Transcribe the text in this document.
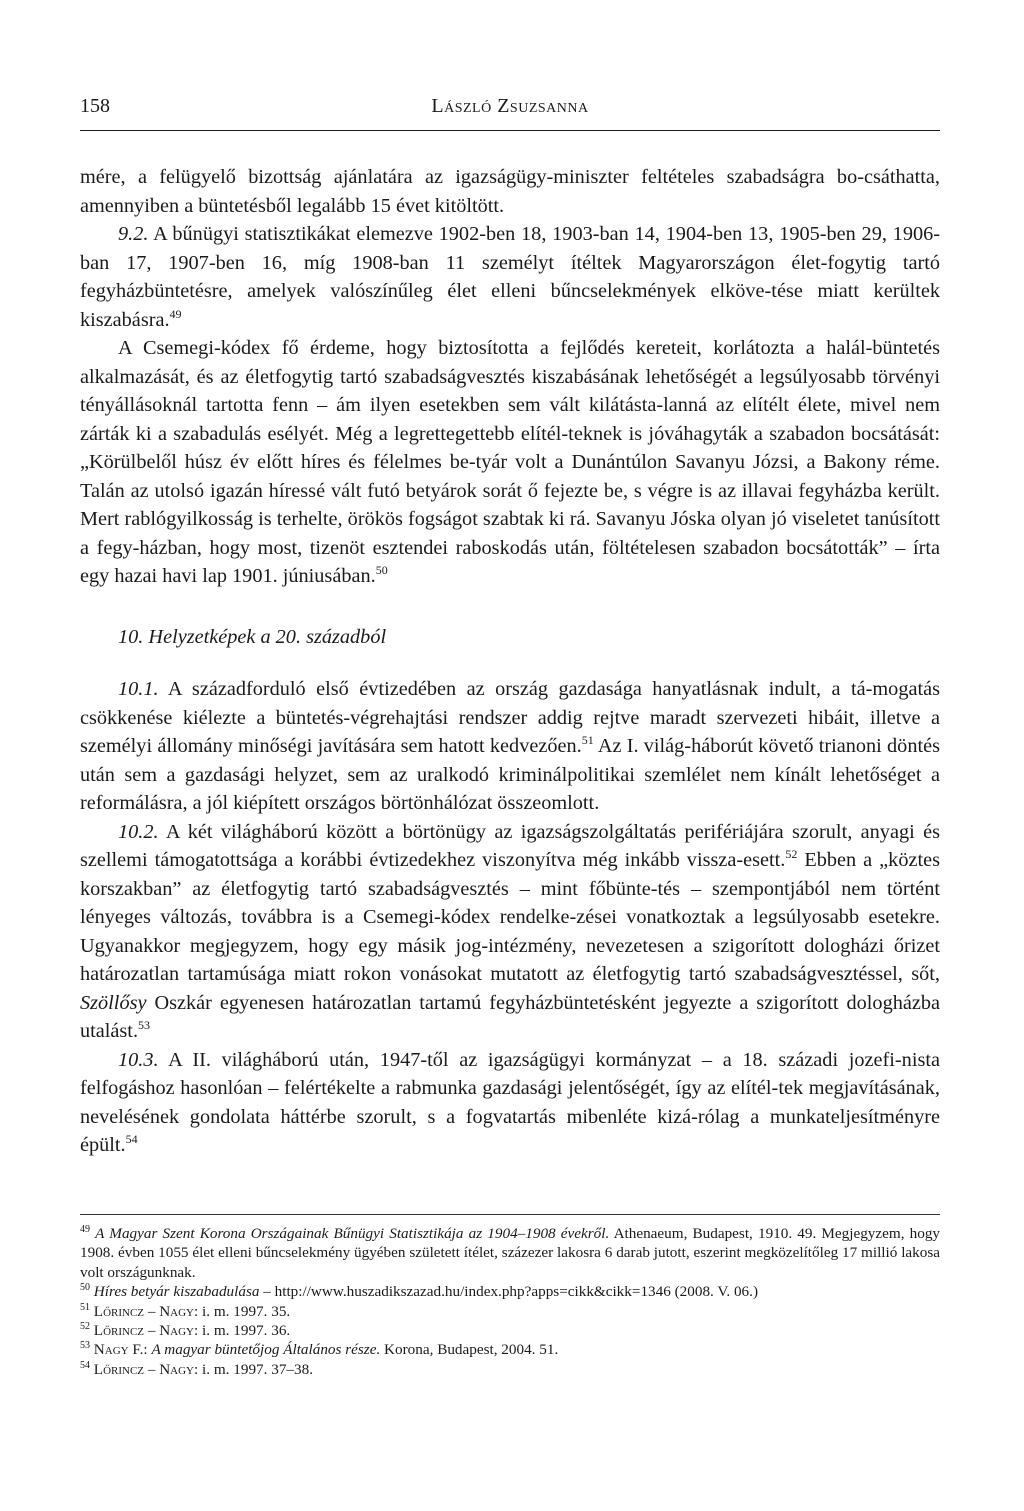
158	László Zsuzsanna

mére, a felügyelő bizottság ajánlatára az igazságügy-miniszter feltételes szabadságra bo-csáthatta, amennyiben a büntetésből legalább 15 évet kitöltött.

9.2. A bűnügyi statisztikákat elemezve 1902-ben 18, 1903-ban 14, 1904-ben 13, 1905-ben 29, 1906-ban 17, 1907-ben 16, míg 1908-ban 11 személyt ítéltek Magyarországon élet-fogytig tartó fegyházbüntetésre, amelyek valószínűleg élet elleni bűncselekmények elköve-tése miatt kerültek kiszabásra.$^{49}$

A Csemegi-kódex fő érdeme, hogy biztosította a fejlődés kereteit, korlátozta a halál-büntetés alkalmazását, és az életfogytig tartó szabadságvesztés kiszabásának lehetőségét a legsúlyosabb törvényi tényállásoknál tartotta fenn – ám ilyen esetekben sem vált kilátásta-lanná az elítélt élete, mivel nem zárták ki a szabadulás esélyét. Még a legrettegettebb elítél-teknek is jóváhagyták a szabadon bocsátását: „Körülbelől húsz év előtt híres és félelmes be-tyár volt a Dunántúlon Savanyu Józsi, a Bakony réme. Talán az utolsó igazán híressé vált futó betyárok sorát ő fejezte be, s végre is az illavai fegyházba került. Mert rablógyilkosság is terhelte, örökös fogságot szabtak ki rá. Savanyu Jóska olyan jó viseletet tanúsított a fegy-házban, hogy most, tizenöt esztendei raboskodás után, föltételesen szabadon bocsátották” – írta egy hazai havi lap 1901. júniusában.$^{50}$

10. Helyzetképek a 20. századból

10.1. A századforduló első évtizedében az ország gazdasága hanyatlásnak indult, a tá-mogatás csökkenése kiélezte a büntetés-végrehajtási rendszer addig rejtve maradt szervezeti hibáit, illetve a személyi állomány minőségi javítására sem hatott kedvezően.$^{51}$ Az I. világ-háborút követő trianoni döntés után sem a gazdasági helyzet, sem az uralkodó kriminálpolitikai szemlélet nem kínált lehetőséget a reformálásra, a jól kiépített országos börtönhálózat összeomlott.

10.2. A két világháború között a börtönügy az igazságszolgáltatás perifériájára szorult, anyagi és szellemi támogatottsága a korábbi évtizedekhez viszonyítva még inkább vissza-esett.$^{52}$ Ebben a „köztes korszakban” az életfogytig tartó szabadságvesztés – mint főbünte-tés – szempontjából nem történt lényeges változás, továbbra is a Csemegi-kódex rendelke-zései vonatkoztak a legsúlyosabb esetekre. Ugyanakkor megjegyzem, hogy egy másik jog-intézmény, nevezetesen a szigorított dologházi őrizet határozatlan tartamúsága miatt rokon vonásokat mutatott az életfogytig tartó szabadságvesztéssel, sőt, Szöllősy Oszkár egyenesen határozatlan tartamú fegyházbüntetésként jegyezte a szigorított dologházba utalást.$^{53}$

10.3. A II. világháború után, 1947-től az igazságügyi kormányzat – a 18. századi jozefi-nista felfogáshoz hasonlóan – felértékelte a rabmunka gazdasági jelentőségét, így az elítél-tek megjavításának, nevelésének gondolata háttérbe szorult, s a fogvatartás mibenléte kizá-rólag a munkateljesítményre épült.$^{54}$

$^{49}$ A Magyar Szent Korona Országainak Bűnügyi Statisztikája az 1904–1908 évekről. Athenaeum, Budapest, 1910. 49. Megjegyzem, hogy 1908. évben 1055 élet elleni bűncselekmény ügyében született ítélet, százezer lakosra 6 darab jutott, eszerint megközelítőleg 17 millió lakosa volt országunknak.

$^{50}$ Híres betyár kiszabadulása – http://www.huszadikszazad.hu/index.php?apps=cikk&cikk=1346 (2008. V. 06.)

$^{51}$ Lőrincz – Nagy: i. m. 1997. 35.

$^{52}$ Lőrincz – Nagy: i. m. 1997. 36.

$^{53}$ Nagy F.: A magyar büntetőjog Általános része. Korona, Budapest, 2004. 51.

$^{54}$ Lőrincz – Nagy: i. m. 1997. 37–38.
